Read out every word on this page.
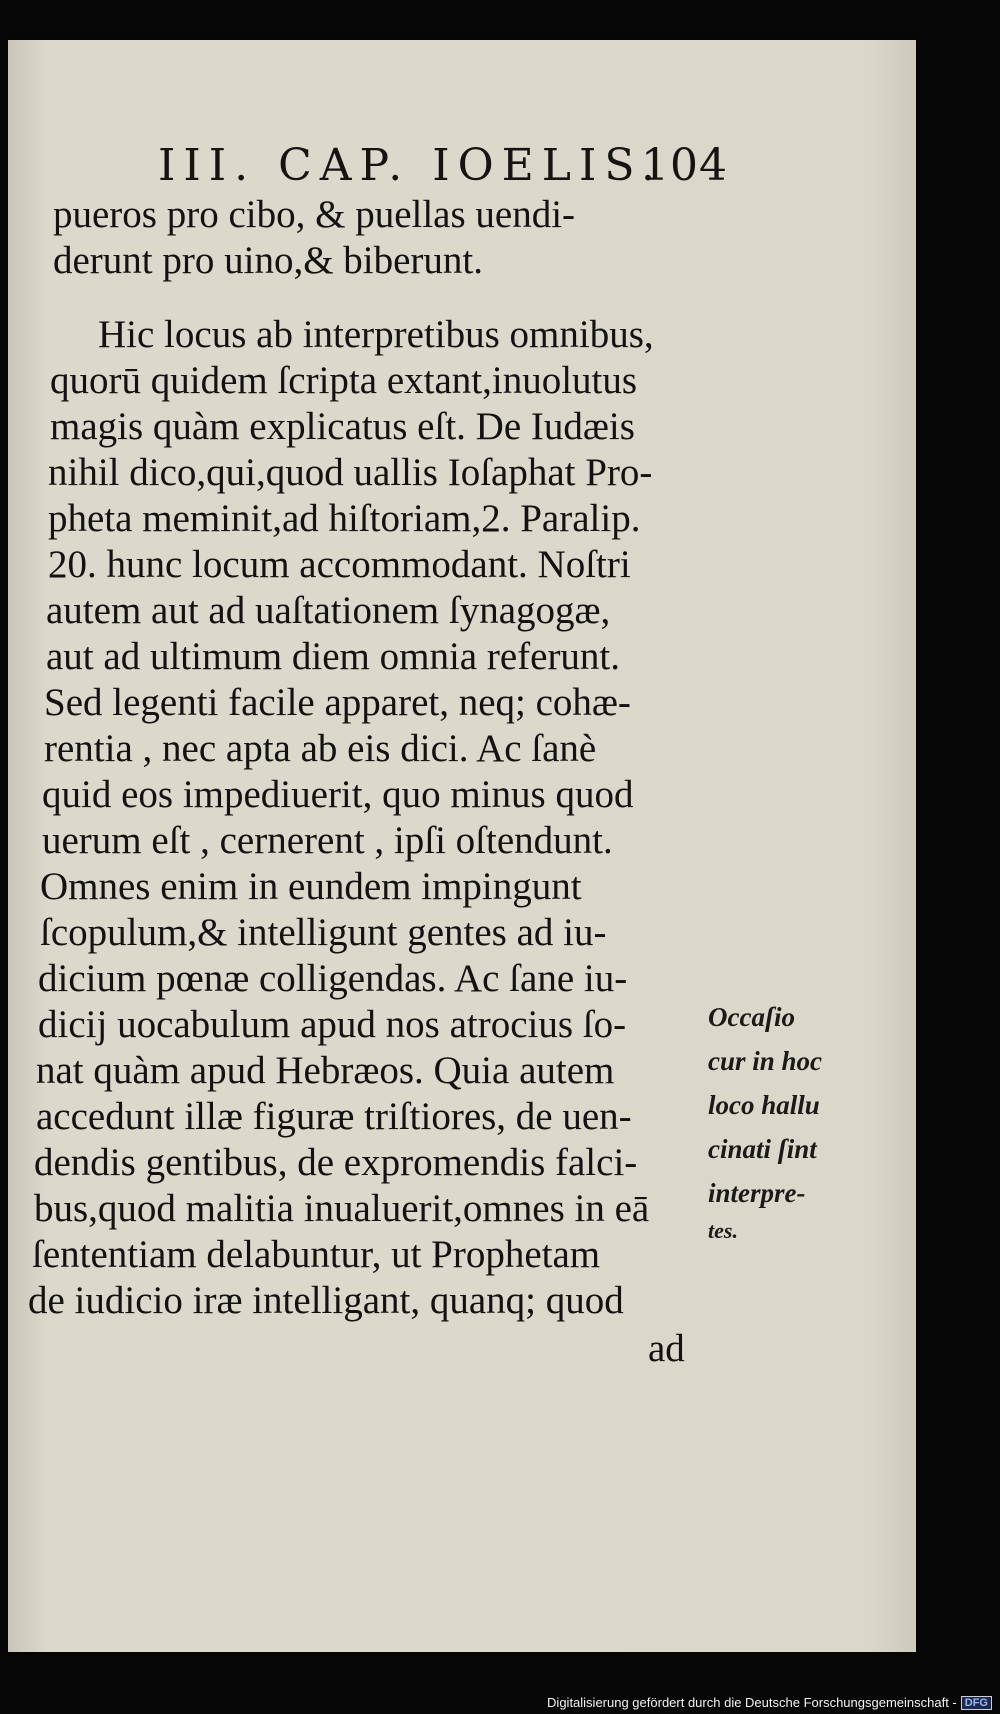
III. CAP. IOELIS.
104
pueros pro cibo, & puellas uendi-
derunt pro uino,& biberunt.
Hic locus ab interpretibus omnibus,
quorū quidem ſcripta extant,inuolutus
magis quàm explicatus eſt. De Iudæis
nihil dico,qui,quod uallis Ioſaphat Pro-
pheta meminit,ad hiſtoriam,2. Paralip.
20. hunc locum accommodant. Noſtri
autem aut ad uaſtationem ſynagogæ,
aut ad ultimum diem omnia referunt.
Sed legenti facile apparet, neq; cohæ-
rentia , nec apta ab eis dici. Ac ſanè
quid eos impediuerit, quo minus quod
uerum eſt , cernerent , ipſi oſtendunt.
Omnes enim in eundem impingunt
ſcopulum,& intelligunt gentes ad iu-
dicium pœnæ colligendas. Ac ſane iu-
dicij uocabulum apud nos atrocius ſo-
nat quàm apud Hebræos. Quia autem
accedunt illæ figuræ triſtiores, de uen-
dendis gentibus, de expromendis falci-
bus,quod malitia inualuerit,omnes in eā
ſententiam delabuntur, ut Prophetam
de iudicio iræ intelligant, quanq; quod
ad
Occaſio
cur in hoc
loco hallu
cinati ſint
interpre-
tes.
Digitalisierung gefördert durch die Deutsche Forschungsgemeinschaft - DFG
